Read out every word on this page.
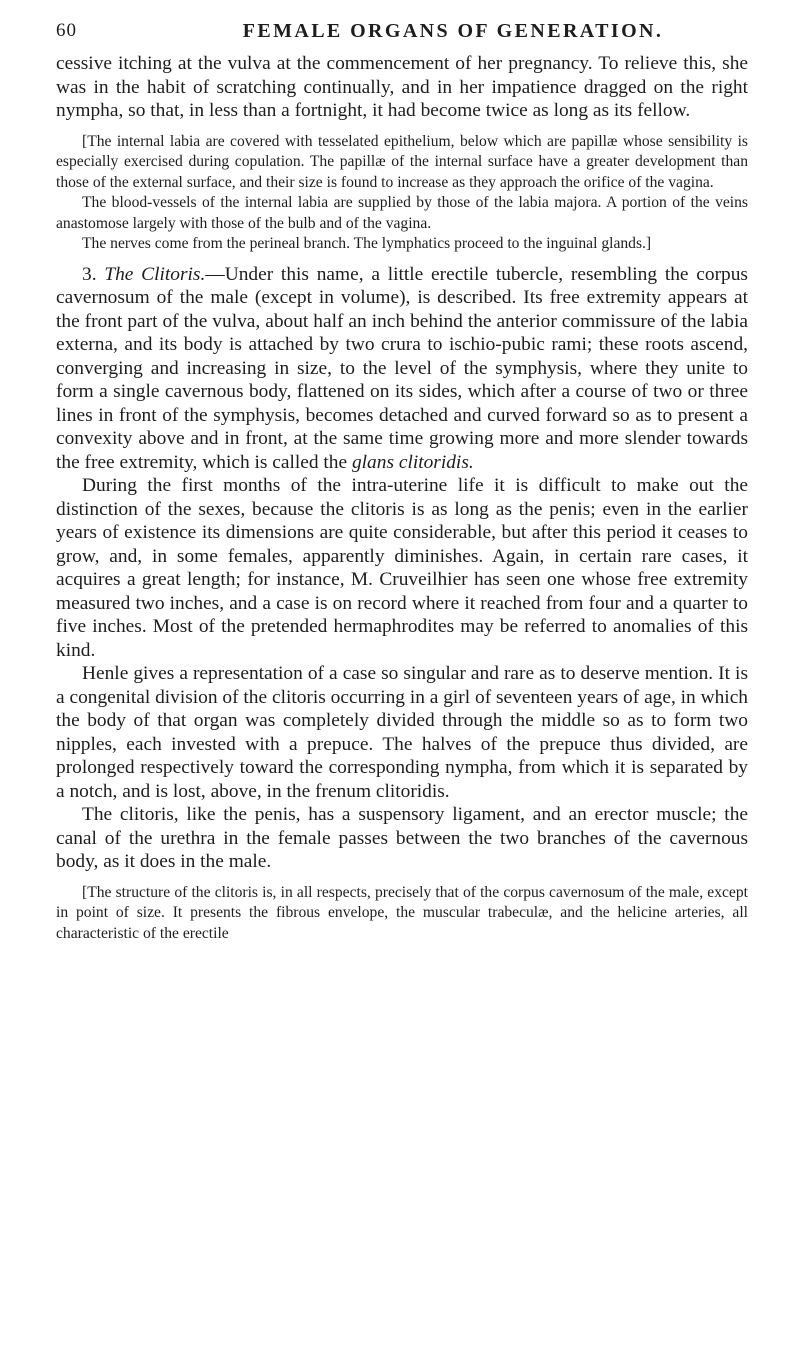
60	FEMALE ORGANS OF GENERATION.

cessive itching at the vulva at the commencement of her pregnancy. To relieve this, she was in the habit of scratching continually, and in her impatience dragged on the right nympha, so that, in less than a fortnight, it had become twice as long as its fellow.

[The internal labia are covered with tesselated epithelium, below which are papillæ whose sensibility is especially exercised during copulation. The papillæ of the internal surface have a greater development than those of the external surface, and their size is found to increase as they approach the orifice of the vagina.

The blood-vessels of the internal labia are supplied by those of the labia majora. A portion of the veins anastomose largely with those of the bulb and of the vagina.

The nerves come from the perineal branch. The lymphatics proceed to the inguinal glands.]

3. The Clitoris.—Under this name, a little erectile tubercle, resembling the corpus cavernosum of the male (except in volume), is described. Its free extremity appears at the front part of the vulva, about half an inch behind the anterior commissure of the labia externa, and its body is attached by two crura to ischio-pubic rami; these roots ascend, converging and increasing in size, to the level of the symphysis, where they unite to form a single cavernous body, flattened on its sides, which after a course of two or three lines in front of the symphysis, becomes detached and curved forward so as to present a convexity above and in front, at the same time growing more and more slender towards the free extremity, which is called the glans clitoridis.

During the first months of the intra-uterine life it is difficult to make out the distinction of the sexes, because the clitoris is as long as the penis; even in the earlier years of existence its dimensions are quite considerable, but after this period it ceases to grow, and, in some females, apparently diminishes. Again, in certain rare cases, it acquires a great length; for instance, M. Cruveilhier has seen one whose free extremity measured two inches, and a case is on record where it reached from four and a quarter to five inches. Most of the pretended hermaphrodites may be referred to anomalies of this kind.

Henle gives a representation of a case so singular and rare as to deserve mention. It is a congenital division of the clitoris occurring in a girl of seventeen years of age, in which the body of that organ was completely divided through the middle so as to form two nipples, each invested with a prepuce. The halves of the prepuce thus divided, are prolonged respectively toward the corresponding nympha, from which it is separated by a notch, and is lost, above, in the frenum clitoridis.

The clitoris, like the penis, has a suspensory ligament, and an erector muscle; the canal of the urethra in the female passes between the two branches of the cavernous body, as it does in the male.

[The structure of the clitoris is, in all respects, precisely that of the corpus cavernosum of the male, except in point of size. It presents the fibrous envelope, the muscular trabeculæ, and the helicine arteries, all characteristic of the erectile
